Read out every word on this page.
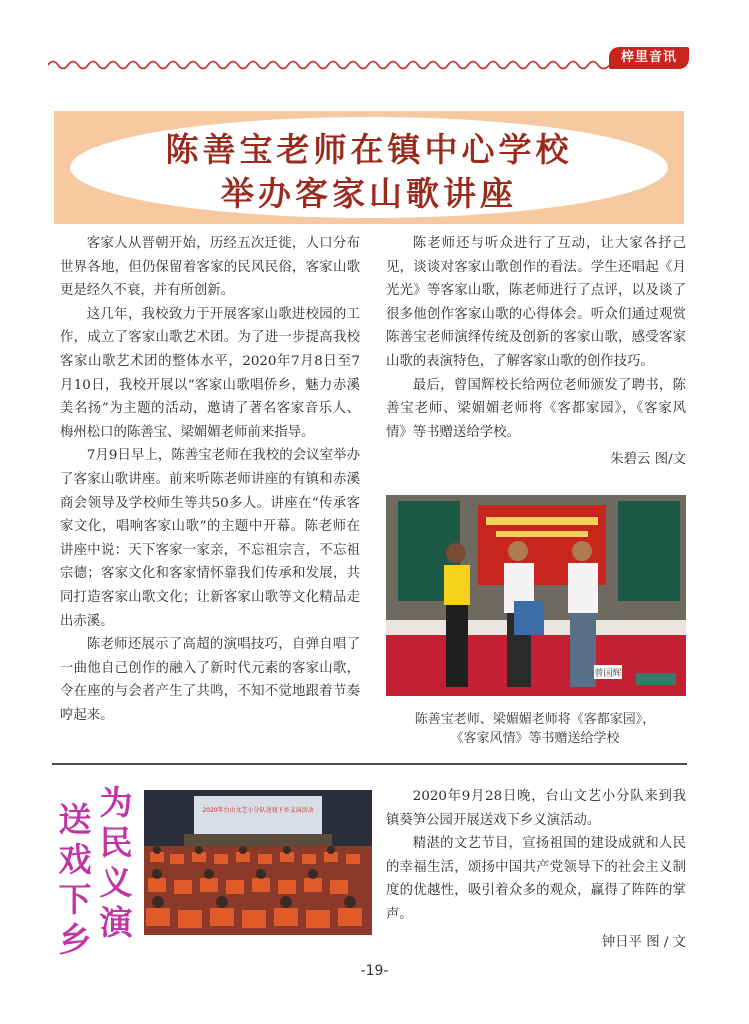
梓里音讯
陈善宝老师在镇中心学校
举办客家山歌讲座

客家人从晋朝开始，历经五次迁徙，人口分布世界各地，但仍保留着客家的民风民俗，客家山歌更是经久不衰，并有所创新。

这几年，我校致力于开展客家山歌进校园的工作，成立了客家山歌艺术团。为了进一步提高我校客家山歌艺术团的整体水平，2020年7月8日至7月10日，我校开展以“客家山歌唱侨乡，魅力赤溪美名扬”为主题的活动，邀请了著名客家音乐人、梅州松口的陈善宝、梁媚媚老师前来指导。

7月9日早上，陈善宝老师在我校的会议室举办了客家山歌讲座。前来听陈老师讲座的有镇和赤溪商会领导及学校师生等共50多人。讲座在“传承客家文化，唱响客家山歌”的主题中开幕。陈老师在讲座中说：天下客家一家亲，不忘祖宗言，不忘祖宗德；客家文化和客家情怀靠我们传承和发展，共同打造客家山歌文化；让新客家山歌等文化精品走出赤溪。

陈老师还展示了高超的演唱技巧，自弹自唱了一曲他自己创作的融入了新时代元素的客家山歌，令在座的与会者产生了共鸣，不知不觉地跟着节奏哼起来。

陈老师还与听众进行了互动，让大家各抒己见，谈谈对客家山歌创作的看法。学生还唱起《月光光》等客家山歌，陈老师进行了点评，以及谈了很多他创作客家山歌的心得体会。听众们通过观赏陈善宝老师演绎传统及创新的客家山歌，感受客家山歌的表演特色，了解客家山歌的创作技巧。

最后，曾国辉校长给两位老师颁发了聘书，陈善宝老师、梁媚媚老师将《客都家园》，《客家风情》等书赠送给学校。

朱碧云 图/文

曾国辉
陈善宝老师、梁媚媚老师将《客都家园》，
《客家风情》等书赠送给学校
为
民
义
演
送
戏
下
乡
2020年台山文艺小分队送戏下乡义演活动

2020年9月28日晚，台山文艺小分队来到我镇葵笋公园开展送戏下乡义演活动。

精湛的文艺节目，宣扬祖国的建设成就和人民的幸福生活，颂扬中国共产党领导下的社会主义制度的优越性，吸引着众多的观众，赢得了阵阵的掌声。

钟日平 图 / 文

-19-
